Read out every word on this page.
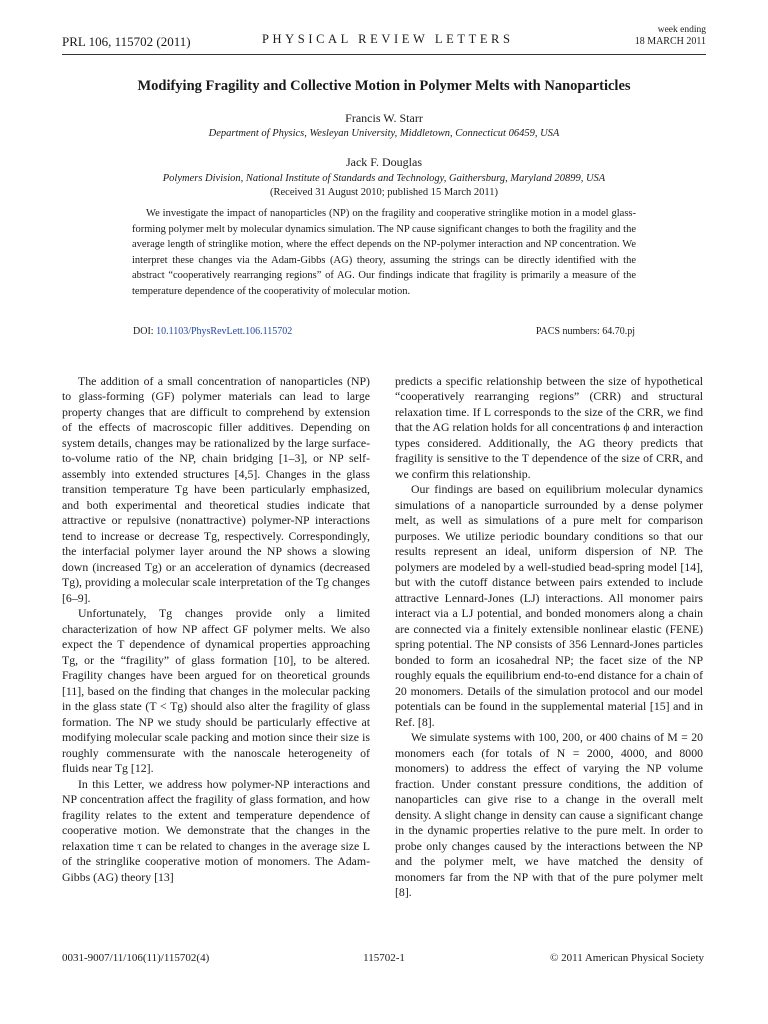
PRL 106, 115702 (2011)	PHYSICAL REVIEW LETTERS
week ending
18 MARCH 2011
Modifying Fragility and Collective Motion in Polymer Melts with Nanoparticles
Francis W. Starr
Department of Physics, Wesleyan University, Middletown, Connecticut 06459, USA
Jack F. Douglas
Polymers Division, National Institute of Standards and Technology, Gaithersburg, Maryland 20899, USA
(Received 31 August 2010; published 15 March 2011)

We investigate the impact of nanoparticles (NP) on the fragility and cooperative stringlike motion in a model glass-forming polymer melt by molecular dynamics simulation. The NP cause significant changes to both the fragility and the average length of stringlike motion, where the effect depends on the NP-polymer interaction and NP concentration. We interpret these changes via the Adam-Gibbs (AG) theory, assuming the strings can be directly identified with the abstract “cooperatively rearranging regions” of AG. Our findings indicate that fragility is primarily a measure of the temperature dependence of the cooperativity of molecular motion.

DOI: 10.1103/PhysRevLett.106.115702	PACS numbers: 64.70.pj

The addition of a small concentration of nanoparticles (NP) to glass-forming (GF) polymer materials can lead to large property changes that are difficult to comprehend by extension of the effects of macroscopic filler additives. Depending on system details, changes may be rationalized by the large surface-to-volume ratio of the NP, chain bridging [1–3], or NP self-assembly into extended structures [4,5]. Changes in the glass transition temperature Tg have been particularly emphasized, and both experimental and theoretical studies indicate that attractive or repulsive (nonattractive) polymer-NP interactions tend to increase or decrease Tg, respectively. Correspondingly, the interfacial polymer layer around the NP shows a slowing down (increased Tg) or an acceleration of dynamics (decreased Tg), providing a molecular scale interpretation of the Tg changes [6–9].

Unfortunately, Tg changes provide only a limited characterization of how NP affect GF polymer melts. We also expect the T dependence of dynamical properties approaching Tg, or the “fragility” of glass formation [10], to be altered. Fragility changes have been argued for on theoretical grounds [11], based on the finding that changes in the molecular packing in the glass state (T < Tg) should also alter the fragility of glass formation. The NP we study should be particularly effective at modifying molecular scale packing and motion since their size is roughly commensurate with the nanoscale heterogeneity of fluids near Tg [12].

In this Letter, we address how polymer-NP interactions and NP concentration affect the fragility of glass formation, and how fragility relates to the extent and temperature dependence of cooperative motion. We demonstrate that the changes in the relaxation time τ can be related to changes in the average size L of the stringlike cooperative motion of monomers. The Adam-Gibbs (AG) theory [13]

predicts a specific relationship between the size of hypothetical “cooperatively rearranging regions” (CRR) and structural relaxation time. If L corresponds to the size of the CRR, we find that the AG relation holds for all concentrations ϕ and interaction types considered. Additionally, the AG theory predicts that fragility is sensitive to the T dependence of the size of CRR, and we confirm this relationship.

Our findings are based on equilibrium molecular dynamics simulations of a nanoparticle surrounded by a dense polymer melt, as well as simulations of a pure melt for comparison purposes. We utilize periodic boundary conditions so that our results represent an ideal, uniform dispersion of NP. The polymers are modeled by a well-studied bead-spring model [14], but with the cutoff distance between pairs extended to include attractive Lennard-Jones (LJ) interactions. All monomer pairs interact via a LJ potential, and bonded monomers along a chain are connected via a finitely extensible nonlinear elastic (FENE) spring potential. The NP consists of 356 Lennard-Jones particles bonded to form an icosahedral NP; the facet size of the NP roughly equals the equilibrium end-to-end distance for a chain of 20 monomers. Details of the simulation protocol and our model potentials can be found in the supplemental material [15] and in Ref. [8].

We simulate systems with 100, 200, or 400 chains of M = 20 monomers each (for totals of N = 2000, 4000, and 8000 monomers) to address the effect of varying the NP volume fraction. Under constant pressure conditions, the addition of nanoparticles can give rise to a change in the overall melt density. A slight change in density can cause a significant change in the dynamic properties relative to the pure melt. In order to probe only changes caused by the interactions between the NP and the polymer melt, we have matched the density of monomers far from the NP with that of the pure polymer melt [8].

0031-9007/11/106(11)/115702(4)	115702-1	© 2011 American Physical Society
